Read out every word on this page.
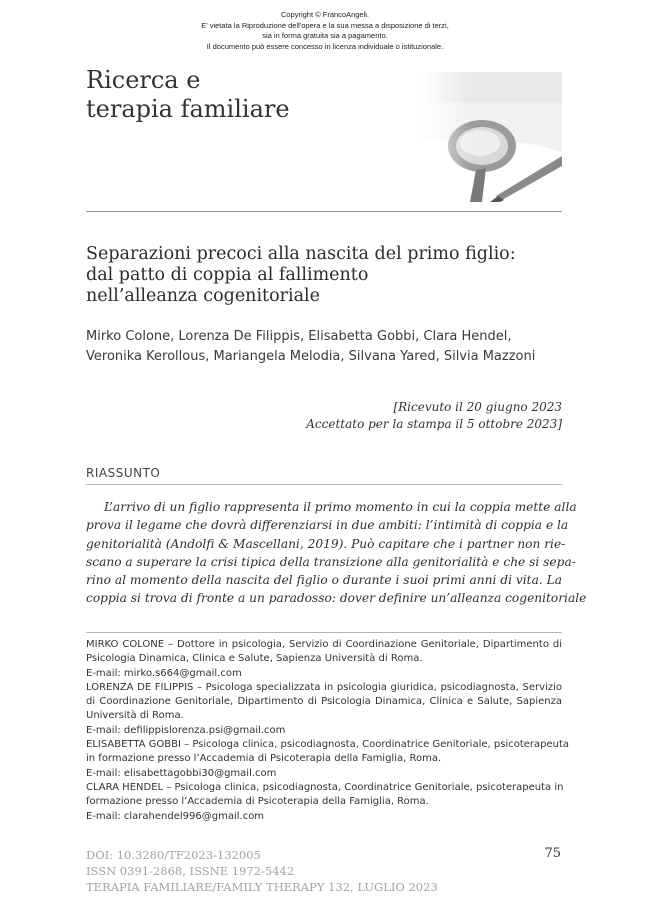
Copyright © FrancoAngeli.
E' vietata la Riproduzione dell'opera e la sua messa a disposizione di terzi,
sia in forma gratuita sia a pagamento.
Il documento può essere concesso in licenza individuale o istituzionale.
Ricerca e
terapia familiare
Separazioni precoci alla nascita del primo figlio:
dal patto di coppia al fallimento
nell’alleanza cogenitoriale
Mirko Colone, Lorenza De Filippis, Elisabetta Gobbi, Clara Hendel,
Veronika Kerollous, Mariangela Melodia, Silvana Yared, Silvia Mazzoni
[Ricevuto il 20 giugno 2023
Accettato per la stampa il 5 ottobre 2023]
RIASSUNTO
L’arrivo di un figlio rappresenta il primo momento in cui la coppia mette alla
prova il legame che dovrà differenziarsi in due ambiti: l’intimità di coppia e la
genitorialità (Andolfi & Mascellani, 2019). Può capitare che i partner non rie-
scano a superare la crisi tipica della transizione alla genitorialità e che si sepa-
rino al momento della nascita del figlio o durante i suoi primi anni di vita. La
coppia si trova di fronte a un paradosso: dover definire un’alleanza cogenitoriale
MIRKO COLONE – Dottore in psicologia, Servizio di Coordinazione Genitoriale, Dipartimento di
Psicologia Dinamica, Clinica e Salute, Sapienza Università di Roma.
E-mail: mirko.s664@gmail.com
LORENZA DE FILIPPIS – Psicologa specializzata in psicologia giuridica, psicodiagnosta, Servizio
di Coordinazione Genitoriale, Dipartimento di Psicologia Dinamica, Clinica e Salute, Sapienza
Università di Roma.
E-mail: defilippislorenza.psi@gmail.com
ELISABETTA GOBBI – Psicologa clinica, psicodiagnosta, Coordinatrice Genitoriale, psicoterapeuta
in formazione presso l’Accademia di Psicoterapia della Famiglia, Roma.
E-mail: elisabettagobbi30@gmail.com
CLARA HENDEL – Psicologa clinica, psicodiagnosta, Coordinatrice Genitoriale, psicoterapeuta in
formazione presso l’Accademia di Psicoterapia della Famiglia, Roma.
E-mail: clarahendel996@gmail.com
DOI: 10.3280/TF2023-132005
ISSN 0391-2868, ISSNE 1972-5442
TERAPIA FAMILIARE/FAMILY THERAPY 132, LUGLIO 2023
75
